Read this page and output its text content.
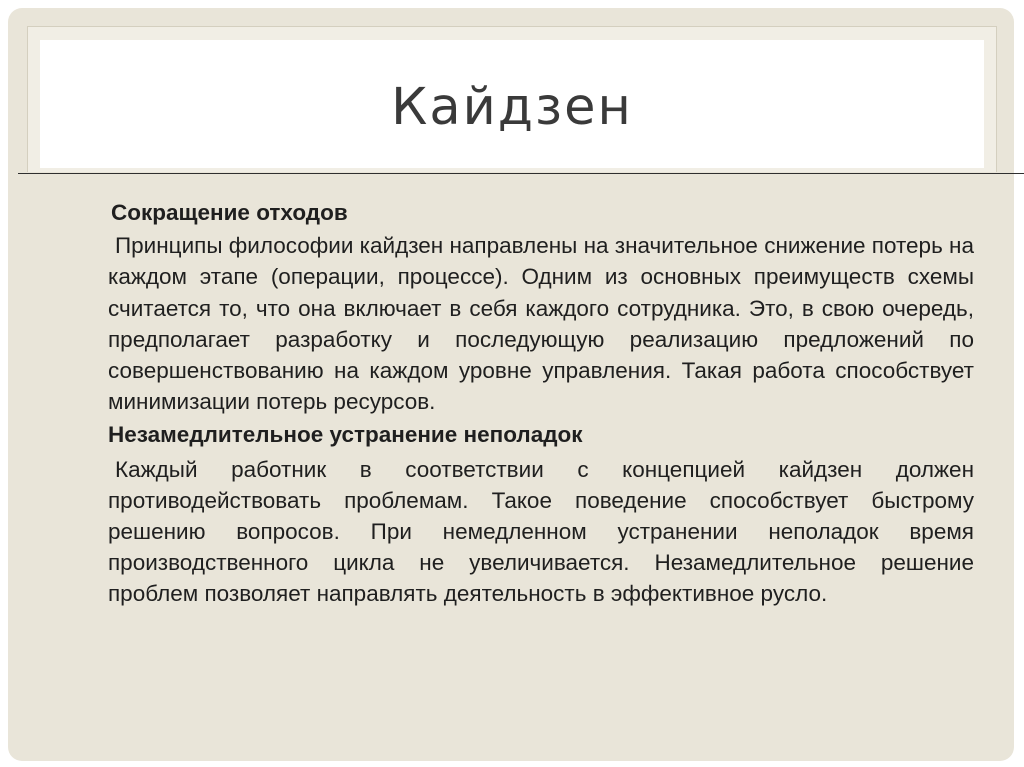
Кайдзен

Сокращение отходов

Принципы философии кайдзен направлены на значительное снижение потерь на каждом этапе (операции, процессе). Одним из основных преимуществ схемы считается то, что она включает в себя каждого сотрудника. Это, в свою очередь, предполагает разработку и последующую реализацию предложений по совершенствованию на каждом уровне управления. Такая работа способствует минимизации потерь ресурсов.

Незамедлительное устранение неполадок

Каждый работник в соответствии с концепцией кайдзен должен противодействовать проблемам. Такое поведение способствует быстрому решению вопросов. При немедленном устранении неполадок время производственного цикла не увеличивается. Незамедлительное решение проблем позволяет направлять деятельность в эффективное русло.
